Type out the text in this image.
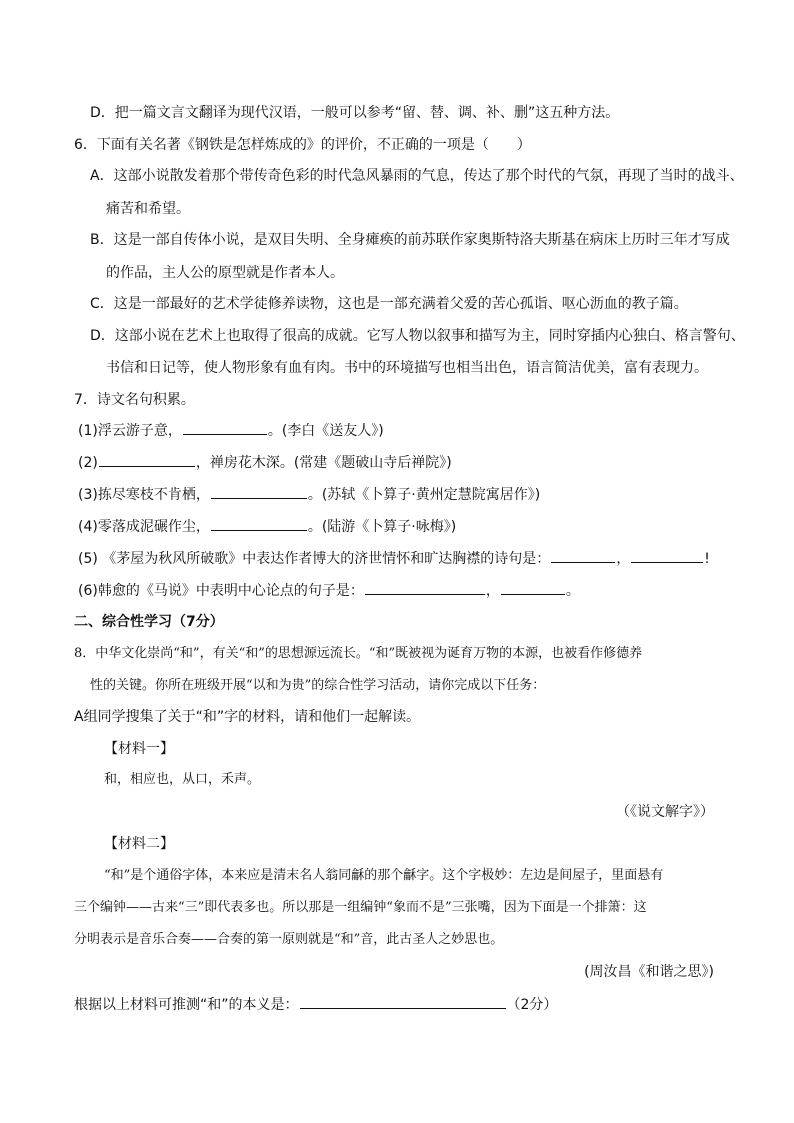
D．把一篇文言文翻译为现代汉语，一般可以参考“留、替、调、补、删”这五种方法。
6．下面有关名著《钢铁是怎样炼成的》的评价，不正确的一项是（　　）
A．这部小说散发着那个带传奇色彩的时代急风暴雨的气息，传达了那个时代的气氛，再现了当时的战斗、
痛苦和希望。
B．这是一部自传体小说，是双目失明、全身瘫痪的前苏联作家奥斯特洛夫斯基在病床上历时三年才写成
的作品，主人公的原型就是作者本人。
C．这是一部最好的艺术学徒修养读物，这也是一部充满着父爱的苦心孤诣、呕心沥血的教子篇。
D．这部小说在艺术上也取得了很高的成就。它写人物以叙事和描写为主，同时穿插内心独白、格言警句、
书信和日记等，使人物形象有血有肉。书中的环境描写也相当出色，语言简洁优美，富有表现力。
7．诗文名句积累。
(1)浮云游子意，	。(李白《送友人》)
(2)	，禅房花木深。(常建《题破山寺后禅院》)
(3)拣尽寒枝不肯栖，	。(苏轼《卜算子·黄州定慧院寓居作》)
(4)零落成泥碾作尘，	。(陆游《卜算子·咏梅》)
(5) 《茅屋为秋风所破歌》中表达作者博大的济世情怀和旷达胸襟的诗句是：	，	!
(6)韩愈的《马说》中表明中心论点的句子是：	，	。
二、综合性学习（7分）
8．中华文化崇尚“和”，有关“和”的思想源远流长。“和”既被视为诞育万物的本源，也被看作修德养
性的关键。你所在班级开展“以和为贵”的综合性学习活动，请你完成以下任务：
A组同学搜集了关于“和”字的材料，请和他们一起解读。
【材料一】
和，相应也，从口，禾声。
（《说文解字》）
【材料二】
“和”是个通俗字体，本来应是清末名人翁同龢的那个龢字。这个字极妙：左边是间屋子，里面悬有
三个编钟——古来“三”即代表多也。所以那是一组编钟“象而不是”三张嘴，因为下面是一个排箫：这
分明表示是音乐合奏——合奏的第一原则就是“和”音，此古圣人之妙思也。
(周汝昌《和谐之思》)
根据以上材料可推测“和”的本义是：	（2分）
